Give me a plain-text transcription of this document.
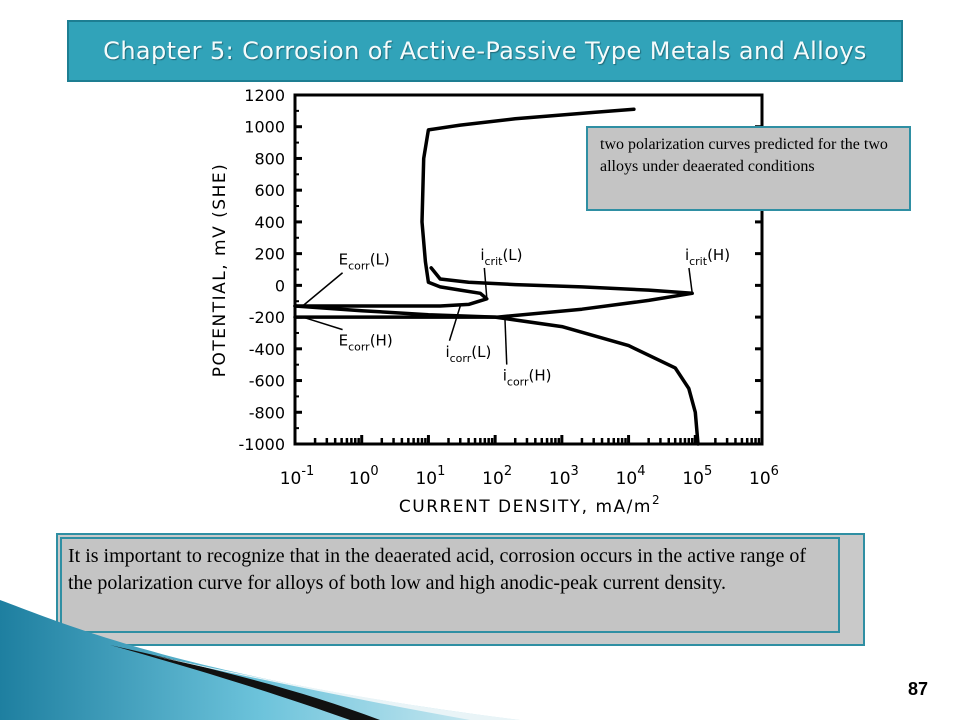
Chapter 5: Corrosion of Active-Passive Type Metals and Alloys
1200
1000
800
600
400
200
0
-200
-400
-600
-800
-1000
$10^{-1}$ $10^0$ $10^1$ $10^2$ $10^3$ $10^4$ $10^5$ $10^6$
$E_{corr}(L)$
$E_{corr}(H)$
$i_{crit}(L)$	$i_{crit}(H)$
$i_{corr}(L)$
$i_{corr}(H)$
POTENTIAL, mV (SHE)
CURRENT DENSITY, $mA/m^2$
two polarization curves predicted for the two alloys under deaerated conditions
It is important to recognize that in the deaerated acid, corrosion occurs in the active range of the polarization curve for alloys of both low and high anodic-peak current density.
87
